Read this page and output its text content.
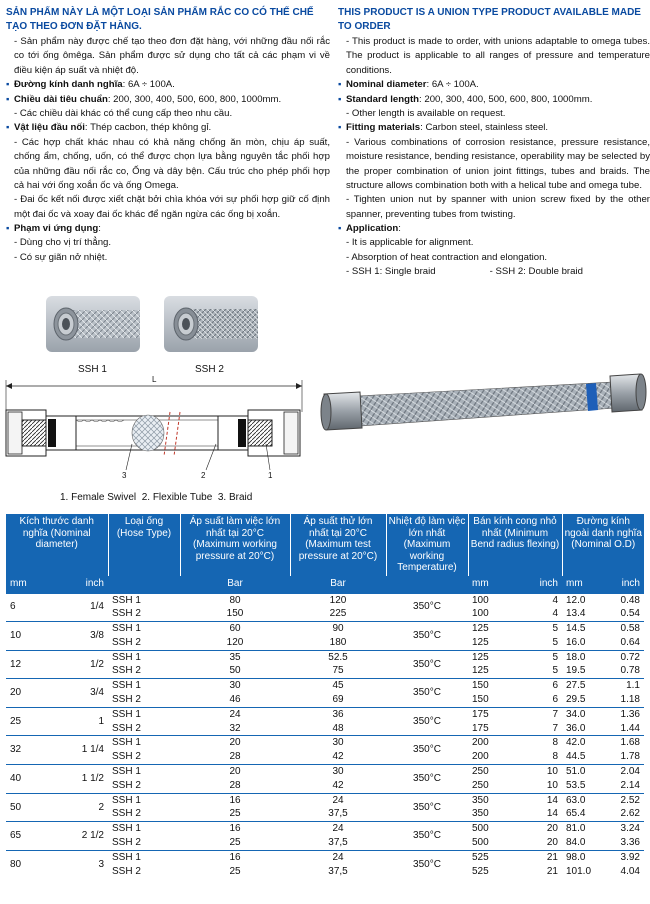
SẢN PHẨM NÀY LÀ MỘT LOẠI SẢN PHẨM RẮC CO CÓ THỂ CHẾ TẠO THEO ĐƠN ĐẶT HÀNG.
- Sản phẩm này được chế tạo theo đơn đặt hàng, với những đầu nối rắc co tới ống ômêga. Sản phẩm được sử dụng cho tất cả các phạm vi về điều kiện áp suất và nhiệt độ.
▪ Đường kính danh nghĩa: 6A ÷ 100A.
▪ Chiều dài tiêu chuẩn: 200, 300, 400, 500, 600, 800, 1000mm.
- Các chiều dài khác có thể cung cấp theo nhu cầu.
▪ Vật liệu đầu nối: Thép cacbon, thép không gỉ.
- Các hợp chất khác nhau có khả năng chống ăn mòn, chịu áp suất, chống ẩm, chống, uốn, có thể được chọn lựa bằng nguyên tắc phối hợp của những đầu nối rắc co, Ống và dây bện. Cấu trúc cho phép phối hợp cả hai với ống xoắn ốc và ống Omega.
- Đai ốc kết nối được xiết chặt bởi chìa khóa với sự phối hợp giữ cố định một đai ốc và xoay đai ốc khác để ngăn ngừa các ống bị xoắn.
▪ Phạm vi ứng dụng:
- Dùng cho vị trí thẳng.
- Có sự giãn nở nhiệt.
THIS PRODUCT IS A UNION TYPE PRODUCT AVAILABLE MADE TO ORDER
- This product is made to order, with unions adaptable to omega tubes. The product is applicable to all ranges of pressure and temperature conditions.
▪ Nominal diameter: 6A ÷ 100A.
▪ Standard length: 200, 300, 400, 500, 600, 800, 1000mm.
- Other length is available on request.
▪ Fitting materials: Carbon steel, stainless steel.
- Various combinations of corrosion resistance, pressure resistance, moisture resistance, bending resistance, operability may be selected by the proper combination of union joint fittings, tubes and braids. The structure allows combination both with a helical tube and omega tube.
- Tighten union nut by spanner with union screw fixed by the other spanner, preventing tubes from twisting.
▪ Application:
- It is applicable for alignment.
- Absorption of heat contraction and elongation.
- SSH 1: Single braid	- SSH 2: Double braid
SSH 1	SSH 2
L
3	2	1
1. Female Swivel  2. Flexible Tube  3. Braid
Kích thước danh nghĩa (Nominal diameter)		Loại ống (Hose Type)	Áp suất làm việc lớn nhất tại 20°C (Maximum working pressure at 20°C)	Áp suất thử lớn nhất tại 20°C (Maximum test pressure at 20°C)	Nhiệt độ làm việc lớn nhất (Maximum working Temperature)	Bán kính cong nhỏ nhất (Minimum Bend radius flexing)		Đường kính ngoài danh nghĩa (Nominal O.D)	
mm	inch		Bar	Bar		mm	inch	mm	inch
6	1/4	SSH 1	80	120	350°C	100	4	12.0	0.48
		SSH 2	150	225		100	4	13.4	0.54
10	3/8	SSH 1	60	90	350°C	125	5	14.5	0.58
		SSH 2	120	180		125	5	16.0	0.64
12	1/2	SSH 1	35	52.5	350°C	125	5	18.0	0.72
		SSH 2	50	75		125	5	19.5	0.78
20	3/4	SSH 1	30	45	350°C	150	6	27.5	1.1
		SSH 2	46	69		150	6	29.5	1.18
25	1	SSH 1	24	36	350°C	175	7	34.0	1.36
		SSH 2	32	48		175	7	36.0	1.44
32	1 1/4	SSH 1	20	30	350°C	200	8	42.0	1.68
		SSH 2	28	42		200	8	44.5	1.78
40	1 1/2	SSH 1	20	30	350°C	250	10	51.0	2.04
		SSH 2	28	42		250	10	53.5	2.14
50	2	SSH 1	16	24	350°C	350	14	63.0	2.52
		SSH 2	25	37,5		350	14	65.4	2.62
65	2 1/2	SSH 1	16	24	350°C	500	20	81.0	3.24
		SSH 2	25	37,5		500	20	84.0	3.36
80	3	SSH 1	16	24	350°C	525	21	98.0	3.92
		SSH 2	25	37,5		525	21	101.0	4.04
